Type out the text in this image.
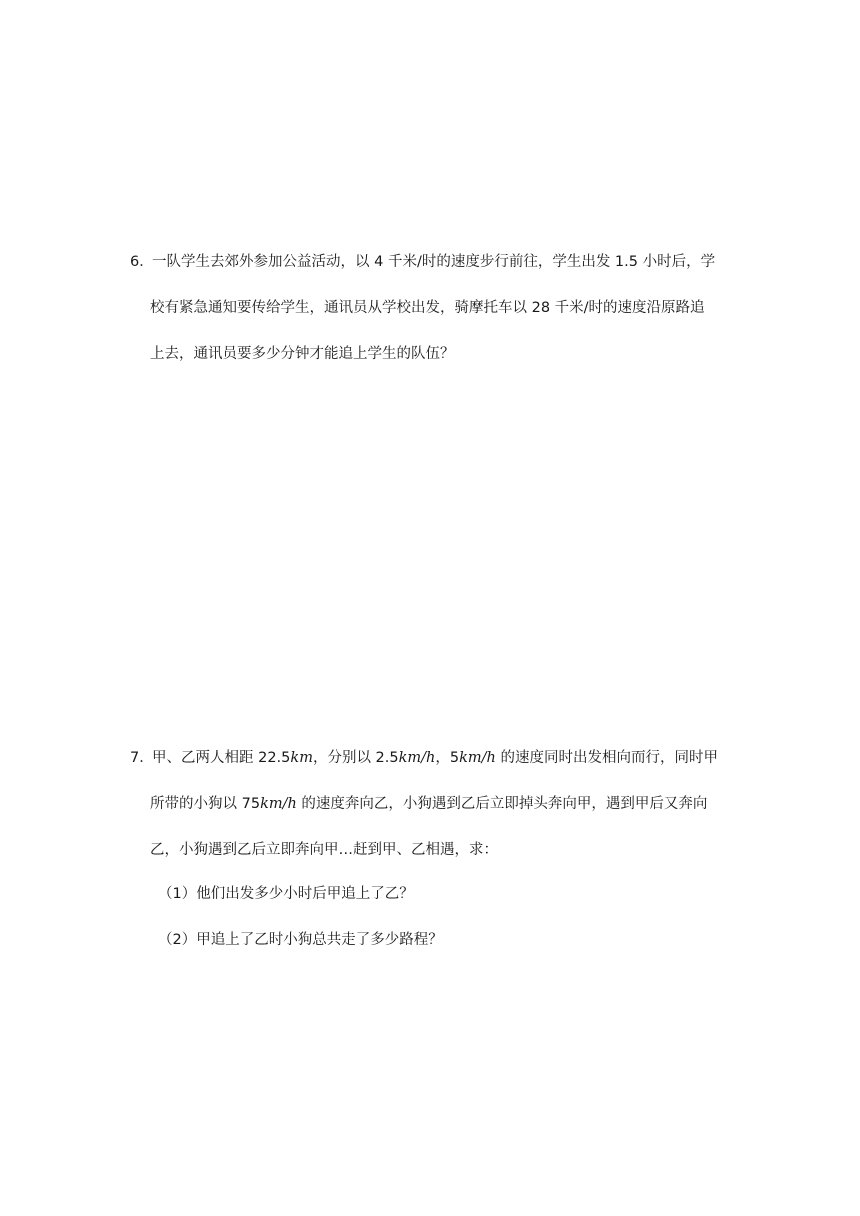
6．
一队学生去郊外参加公益活动，以 4 千米/时的速度步行前往，学生出发 1.5 小时后，学
校有紧急通知要传给学生，通讯员从学校出发，骑摩托车以 28 千米/时的速度沿原路追
上去，通讯员要多少分钟才能追上学生的队伍？
7．
甲、乙两人相距 22.5km，分别以 2.5km/h，5km/h 的速度同时出发相向而行，同时甲
所带的小狗以 75km/h 的速度奔向乙，小狗遇到乙后立即掉头奔向甲，遇到甲后又奔向
乙，小狗遇到乙后立即奔向甲…赶到甲、乙相遇，求：
（1）他们出发多少小时后甲追上了乙？
（2）甲追上了乙时小狗总共走了多少路程？
